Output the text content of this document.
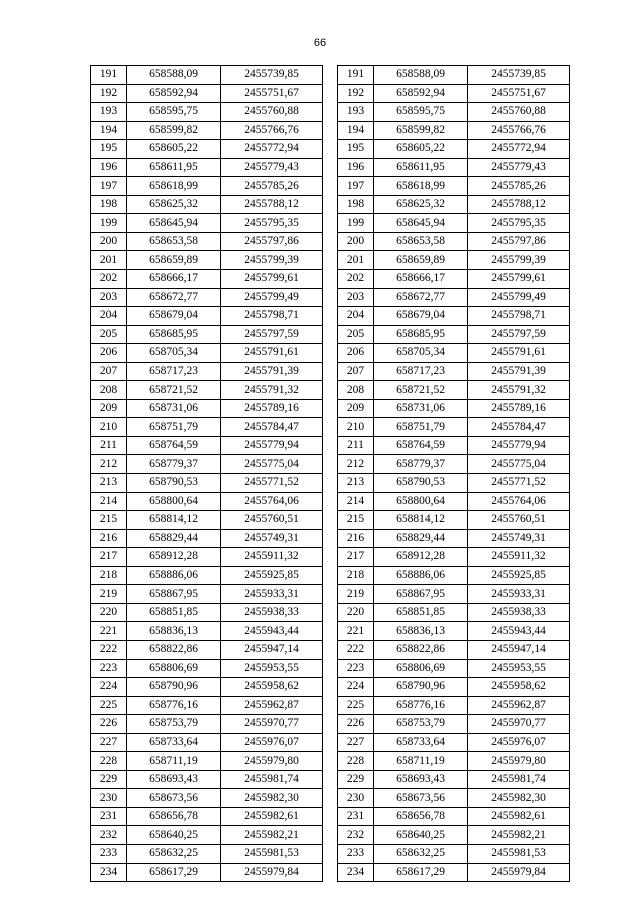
66
191	658588,09	2455739,85
192	658592,94	2455751,67
193	658595,75	2455760,88
194	658599,82	2455766,76
195	658605,22	2455772,94
196	658611,95	2455779,43
197	658618,99	2455785,26
198	658625,32	2455788,12
199	658645,94	2455795,35
200	658653,58	2455797,86
201	658659,89	2455799,39
202	658666,17	2455799,61
203	658672,77	2455799,49
204	658679,04	2455798,71
205	658685,95	2455797,59
206	658705,34	2455791,61
207	658717,23	2455791,39
208	658721,52	2455791,32
209	658731,06	2455789,16
210	658751,79	2455784,47
211	658764,59	2455779,94
212	658779,37	2455775,04
213	658790,53	2455771,52
214	658800,64	2455764,06
215	658814,12	2455760,51
216	658829,44	2455749,31
217	658912,28	2455911,32
218	658886,06	2455925,85
219	658867,95	2455933,31
220	658851,85	2455938,33
221	658836,13	2455943,44
222	658822,86	2455947,14
223	658806,69	2455953,55
224	658790,96	2455958,62
225	658776,16	2455962,87
226	658753,79	2455970,77
227	658733,64	2455976,07
228	658711,19	2455979,80
229	658693,43	2455981,74
230	658673,56	2455982,30
231	658656,78	2455982,61
232	658640,25	2455982,21
233	658632,25	2455981,53
234	658617,29	2455979,84
191	658588,09	2455739,85
192	658592,94	2455751,67
193	658595,75	2455760,88
194	658599,82	2455766,76
195	658605,22	2455772,94
196	658611,95	2455779,43
197	658618,99	2455785,26
198	658625,32	2455788,12
199	658645,94	2455795,35
200	658653,58	2455797,86
201	658659,89	2455799,39
202	658666,17	2455799,61
203	658672,77	2455799,49
204	658679,04	2455798,71
205	658685,95	2455797,59
206	658705,34	2455791,61
207	658717,23	2455791,39
208	658721,52	2455791,32
209	658731,06	2455789,16
210	658751,79	2455784,47
211	658764,59	2455779,94
212	658779,37	2455775,04
213	658790,53	2455771,52
214	658800,64	2455764,06
215	658814,12	2455760,51
216	658829,44	2455749,31
217	658912,28	2455911,32
218	658886,06	2455925,85
219	658867,95	2455933,31
220	658851,85	2455938,33
221	658836,13	2455943,44
222	658822,86	2455947,14
223	658806,69	2455953,55
224	658790,96	2455958,62
225	658776,16	2455962,87
226	658753,79	2455970,77
227	658733,64	2455976,07
228	658711,19	2455979,80
229	658693,43	2455981,74
230	658673,56	2455982,30
231	658656,78	2455982,61
232	658640,25	2455982,21
233	658632,25	2455981,53
234	658617,29	2455979,84
